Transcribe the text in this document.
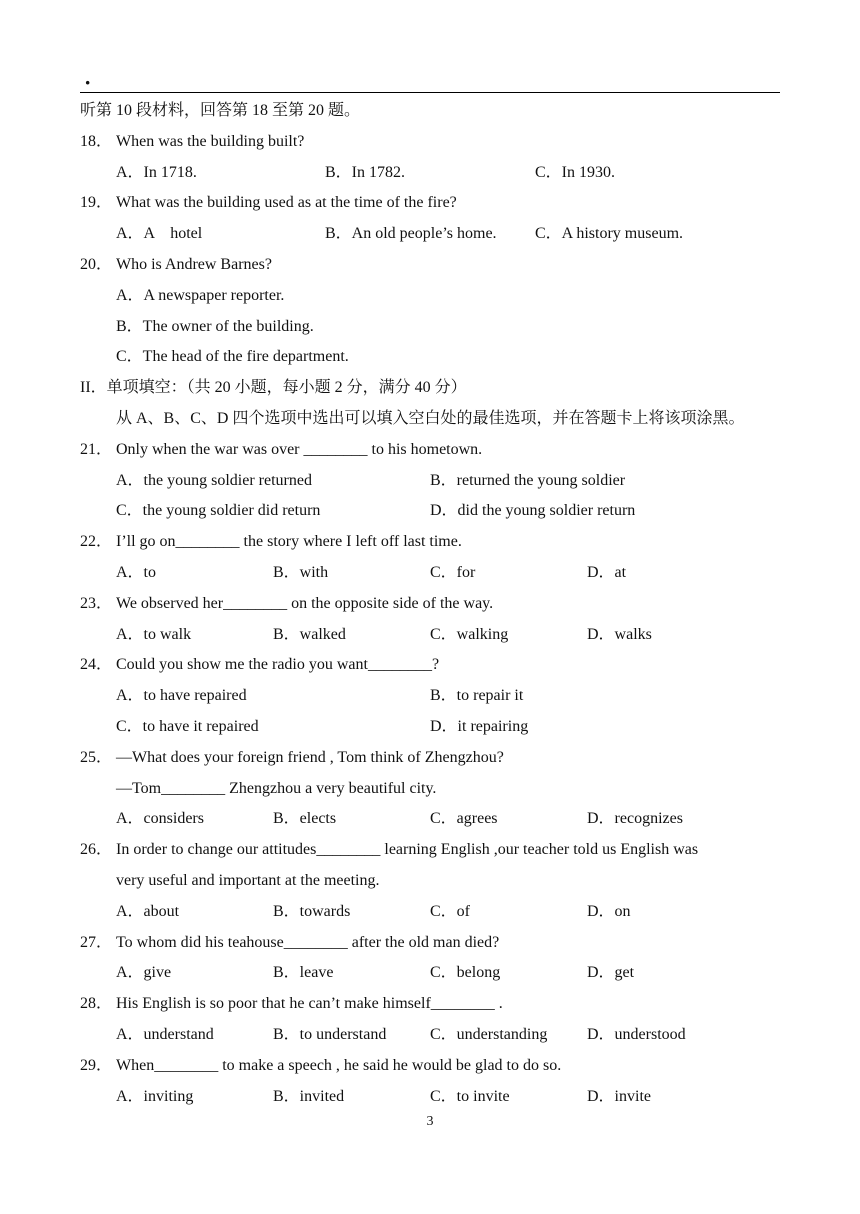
·
听第 10 段材料，回答第 18 至第 20 题。
18． When was the building built?
A．In 1718.	B．In 1782.	C．In 1930.
19． What was the building used as at the time of the fire?
A．A　hotel	B．An old people’s home. C．A history museum.
20． Who is Andrew Barnes?
A．A newspaper reporter.
B．The owner of the building.
C．The head of the fire department.
II．单项填空：（共 20 小题，每小题 2 分，满分 40 分）
从 A、B、C、D 四个选项中选出可以填入空白处的最佳选项，并在答题卡上将该项涂黑。
21． Only when the war was over ________ to his hometown.
A．the young soldier returned	B．returned the young soldier
C．the young soldier did return	D．did the young soldier return
22． I’ll go on________ the story where I left off last time.
A．to	B．with	C．for	D．at
23． We observed her________ on the opposite side of the way.
A．to walk	B．walked	C．walking	D．walks
24． Could you show me the radio you want________?
A．to have repaired	B．to repair it
C．to have it repaired	D．it repairing
25． —What does your foreign friend , Tom think of Zhengzhou?
—Tom________ Zhengzhou a very beautiful city.
A．considers	B．elects	C．agrees	D．recognizes
26． In order to change our attitudes________ learning English ,our teacher told us English was
very useful and important at the meeting.
A．about	B．towards	C．of	D．on
27． To whom did his teahouse________ after the old man died?
A．give	B．leave	C．belong	D．get
28． His English is so poor that he can’t make himself________ .
A．understand	B．to understand	C．understanding D．understood
29． When________ to make a speech , he said he would be glad to do so.
A．inviting	B．invited	C．to invite	D．invite
3
